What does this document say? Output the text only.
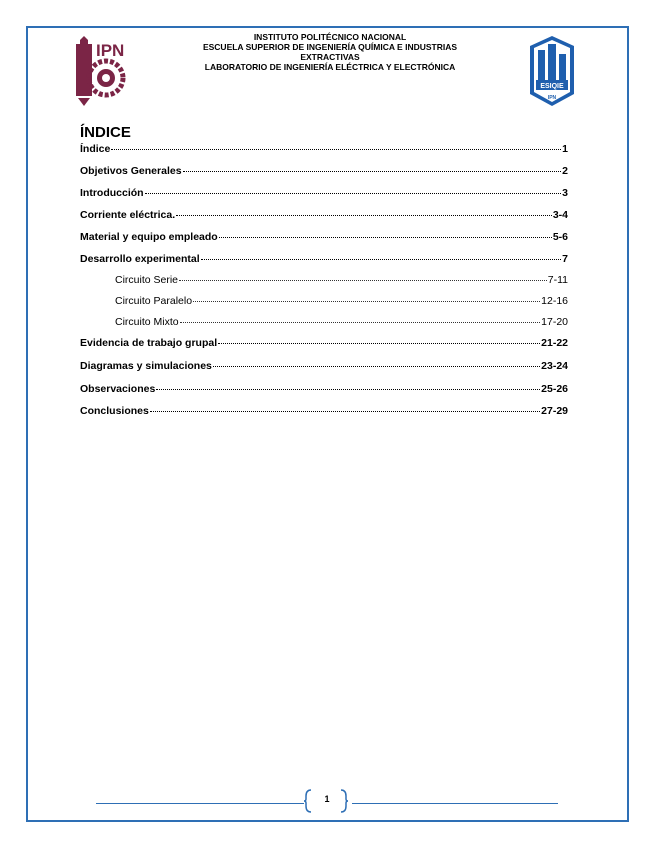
IPN
INSTITUTO POLITÉCNICO NACIONAL
ESCUELA SUPERIOR DE INGENIERÍA QUÍMICA E INDUSTRIAS
EXTRACTIVAS
LABORATORIO DE INGENIERÍA ELÉCTRICA Y ELECTRÓNICA
ESIQIE
IPN
ÍNDICE
Índice	1
Objetivos Generales	2
Introducción	3
Corriente eléctrica.	3-4
Material y equipo empleado	5-6
Desarrollo experimental	7
Circuito Serie	7-11
Circuito Paralelo	12-16
Circuito Mixto	17-20
Evidencia de trabajo grupal	21-22
Diagramas y simulaciones	23-24
Observaciones	25-26
Conclusiones	27-29
1
